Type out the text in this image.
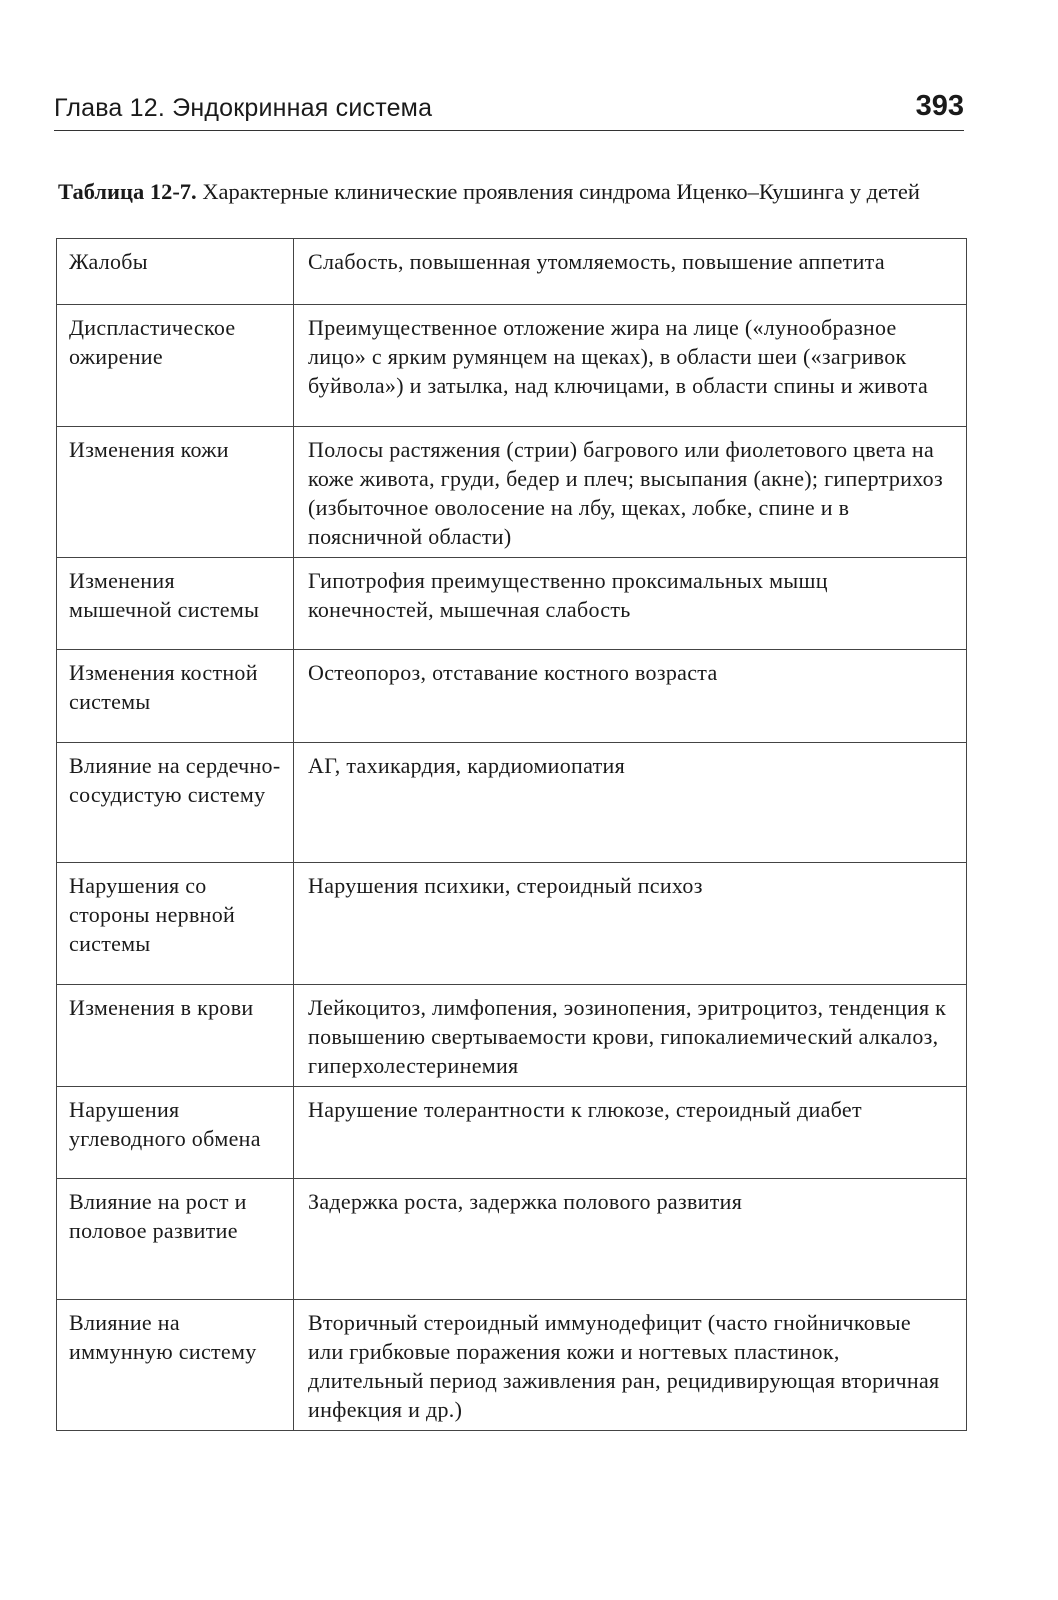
Глава 12. Эндокринная система	393
Таблица 12-7. Характерные клинические проявления синдрома Иценко–Кушинга у детей
Жалобы	Слабость, повышенная утомляемость, повышение аппетита
Диспластическое ожирение	Преимущественное отложение жира на лице («лунообразное лицо» с ярким румянцем на щеках), в области шеи («загривок буйвола») и затылка, над ключицами, в области спины и живота
Изменения кожи	Полосы растяжения (стрии) багрового или фиолетового цвета на коже живота, груди, бедер и плеч; высыпания (акне); гипертрихоз (избыточное оволосение на лбу, щеках, лобке, спине и в поясничной области)
Изменения мышечной системы	Гипотрофия преимущественно проксимальных мышц конечностей, мышечная слабость
Изменения костной системы	Остеопороз, отставание костного возраста
Влияние на сердечно-сосудистую систему	АГ, тахикардия, кардиомиопатия
Нарушения со стороны нервной системы	Нарушения психики, стероидный психоз
Изменения в крови	Лейкоцитоз, лимфопения, эозинопения, эритроцитоз, тенденция к повышению свертываемости крови, гипокалиемический алкалоз, гиперхолестеринемия
Нарушения углеводного обмена	Нарушение толерантности к глюкозе, стероидный диабет
Влияние на рост и половое развитие	Задержка роста, задержка полового развития
Влияние на иммунную систему	Вторичный стероидный иммунодефицит (часто гнойничковые или грибковые поражения кожи и ногтевых пластинок, длительный период заживления ран, рецидивирующая вторичная инфекция и др.)
